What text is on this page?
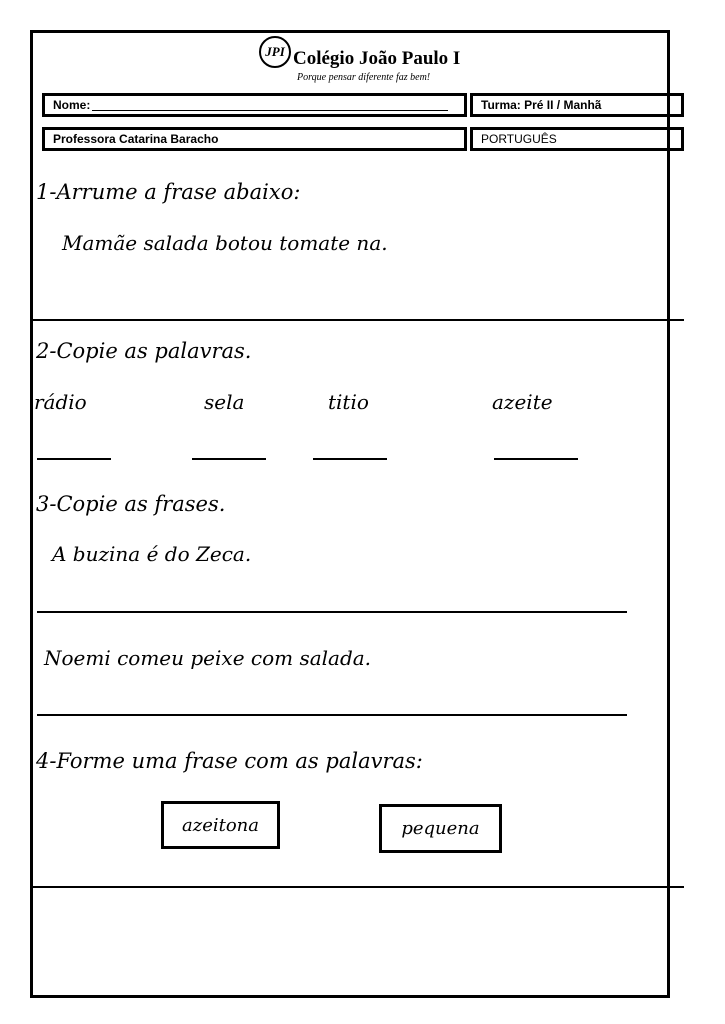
JPI Colégio João Paulo I
Porque pensar diferente faz bem!
Nome:	Turma: Pré II / Manhã
Professora Catarina Baracho	PORTUGUÊS
1-Arrume a frase abaixo:
Mamãe salada botou tomate na.
2-Copie as palavras.
rádio	sela	titio	azeite
3-Copie as frases.
A buzina é do Zeca.
Noemi comeu peixe com salada.
4-Forme uma frase com as palavras:
azeitona	pequena
